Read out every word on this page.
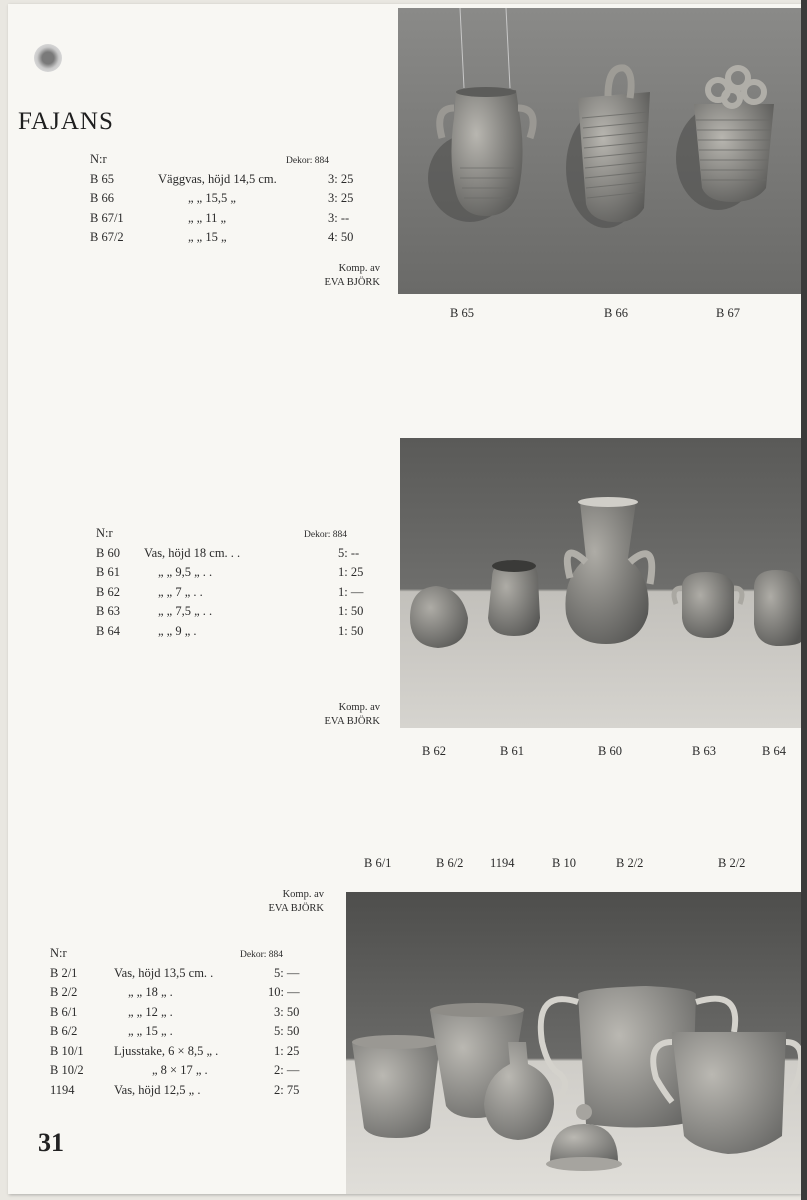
FAJANS
N:r	Dekor: 884
B 65	Väggvas, höjd 14,5 cm.	3: 25
B 66	„ „ 15,5 „	3: 25
B 67/1	„ „ 11 „	3: --
B 67/2	„ „ 15 „	4: 50
Komp. av
EVA BJÖRK
B 65	B 66	B 67
N:r	Dekor: 884
B 60 Vas, höjd 18 cm. . .	5: --
B 61	„ „ 9,5 „ . .	1: 25
B 62	„ „ 7 „ . .	1: —
B 63	„ „ 7,5 „ . .	1: 50
B 64	„ „ 9 „ .	1: 50
Komp. av
EVA BJÖRK
B 62	B 61	B 60	B 63	B 64
B 6/1	B 6/2 1194	B 10	B 2/2	B 2/2
Komp. av
EVA BJÖRK
N:r	Dekor: 884
B 2/1	Vas, höjd 13,5 cm. .	5: —
B 2/2	„ „ 18 „ .	10: —
B 6/1	„ „ 12 „ .	3: 50
B 6/2	„ „ 15 „ .	5: 50
B 10/1 Ljusstake, 6 × 8,5 „ .	1: 25
B 10/2	„ 8 × 17 „ .	2: —
1194	Vas, höjd 12,5 „ .	2: 75
31
